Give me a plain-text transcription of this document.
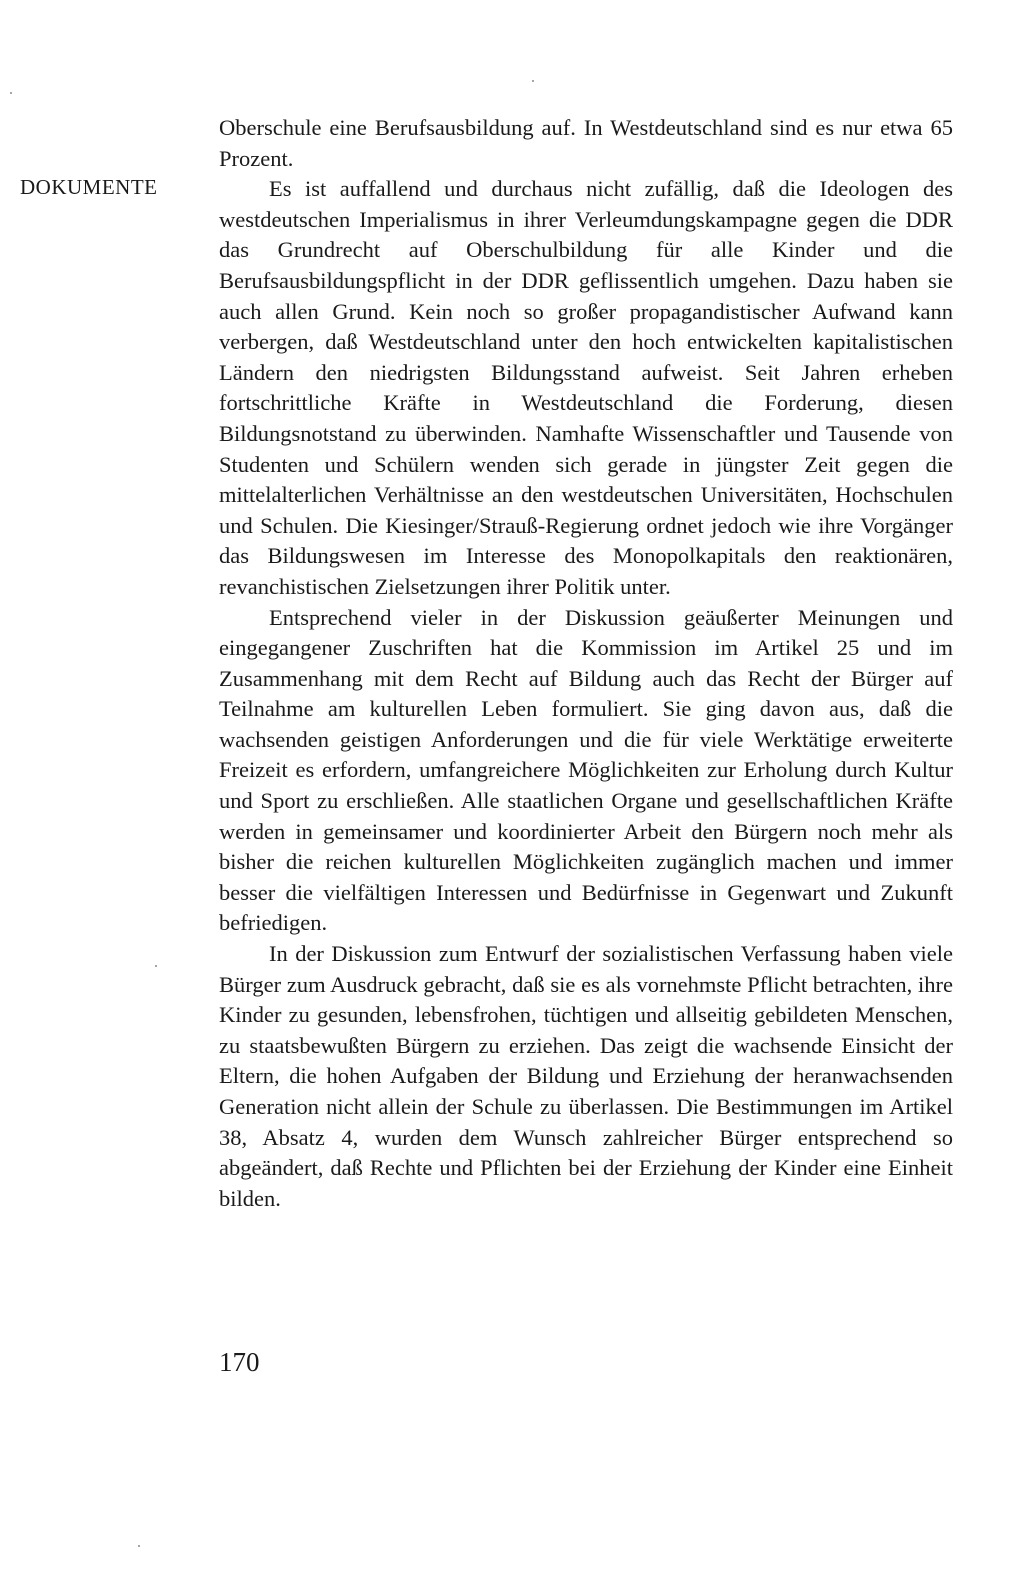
DOKUMENTE

Oberschule eine Berufsausbildung auf. In Westdeutschland sind es nur etwa 65 Prozent.

Es ist auffallend und durchaus nicht zufällig, daß die Ideologen des westdeutschen Imperialismus in ihrer Verleumdungskampagne gegen die DDR das Grundrecht auf Oberschulbildung für alle Kinder und die Berufsausbildungspflicht in der DDR geflissentlich umgehen. Dazu haben sie auch allen Grund. Kein noch so großer propagandistischer Aufwand kann verbergen, daß Westdeutschland unter den hoch entwickelten kapitalistischen Ländern den niedrigsten Bildungsstand aufweist. Seit Jahren erheben fortschrittliche Kräfte in Westdeutschland die Forderung, diesen Bildungsnotstand zu überwinden. Namhafte Wissenschaftler und Tausende von Studenten und Schülern wenden sich gerade in jüngster Zeit gegen die mittelalterlichen Verhältnisse an den westdeutschen Universitäten, Hochschulen und Schulen. Die Kiesinger/Strauß-Regierung ordnet jedoch wie ihre Vorgänger das Bildungswesen im Interesse des Monopolkapitals den reaktionären, revanchistischen Zielsetzungen ihrer Politik unter.

Entsprechend vieler in der Diskussion geäußerter Meinungen und eingegangener Zuschriften hat die Kommission im Artikel 25 und im Zusammenhang mit dem Recht auf Bildung auch das Recht der Bürger auf Teilnahme am kulturellen Leben formuliert. Sie ging davon aus, daß die wachsenden geistigen Anforderungen und die für viele Werktätige erweiterte Freizeit es erfordern, umfangreichere Möglichkeiten zur Erholung durch Kultur und Sport zu erschließen. Alle staatlichen Organe und gesellschaftlichen Kräfte werden in gemeinsamer und koordinierter Arbeit den Bürgern noch mehr als bisher die reichen kulturellen Möglichkeiten zugänglich machen und immer besser die vielfältigen Interessen und Bedürfnisse in Gegenwart und Zukunft befriedigen.

In der Diskussion zum Entwurf der sozialistischen Verfassung haben viele Bürger zum Ausdruck gebracht, daß sie es als vornehmste Pflicht betrachten, ihre Kinder zu gesunden, lebensfrohen, tüchtigen und allseitig gebildeten Menschen, zu staatsbewußten Bürgern zu erziehen. Das zeigt die wachsende Einsicht der Eltern, die hohen Aufgaben der Bildung und Erziehung der heranwachsenden Generation nicht allein der Schule zu überlassen. Die Bestimmungen im Artikel 38, Absatz 4, wurden dem Wunsch zahlreicher Bürger entsprechend so abgeändert, daß Rechte und Pflichten bei der Erziehung der Kinder eine Einheit bilden.

170
